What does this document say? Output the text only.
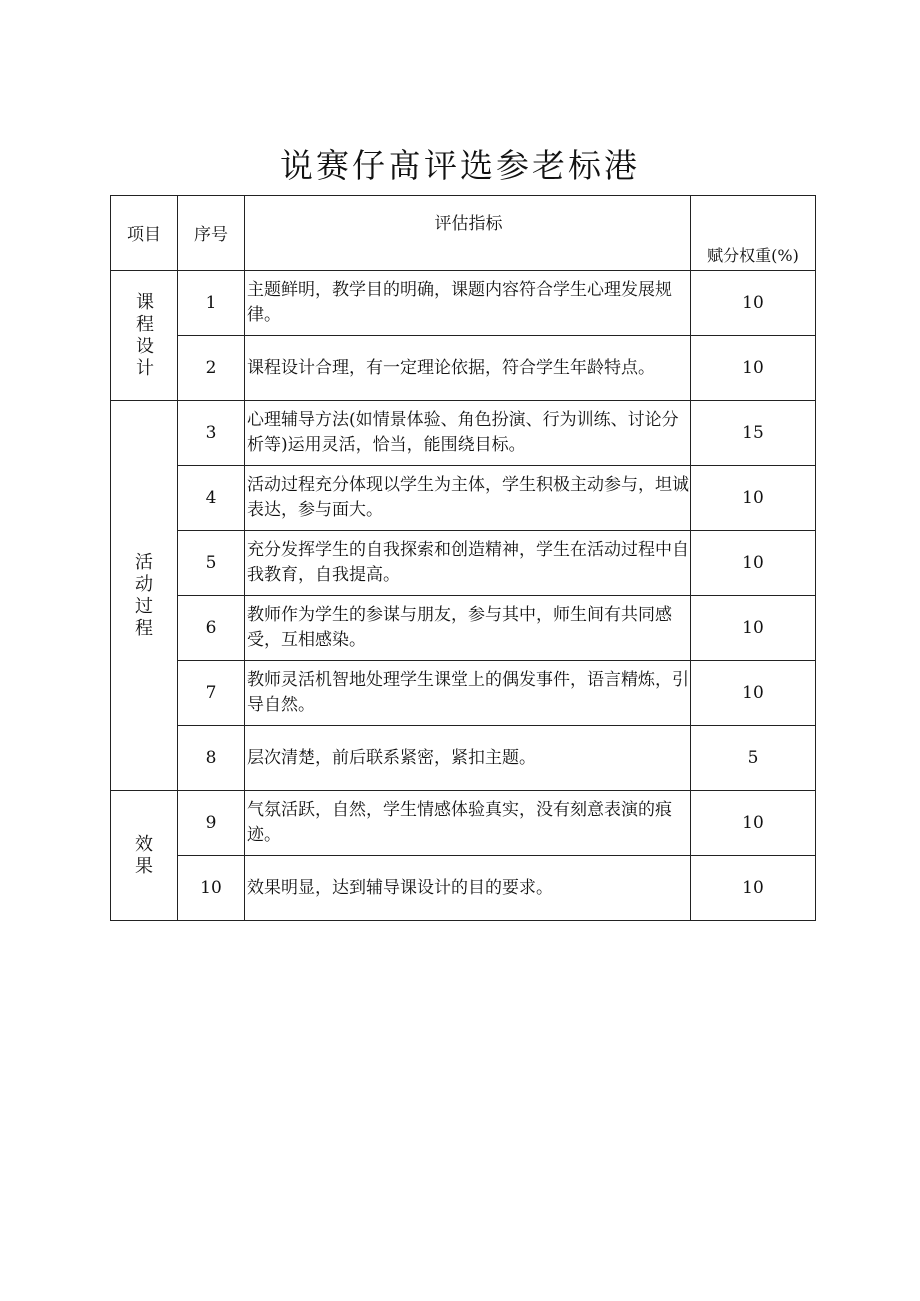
说赛仔髙评选参老标港
项目	序号	评估指标	赋分权重(%)
课程设计	1	主题鲜明，教学目的明确，课题内容符合学生心理发展规律。	10
	2	课程设计合理，有一定理论依据，符合学生年龄特点。	10
活动过程	3	心理辅导方法(如情景体验、角色扮演、行为训练、讨论分析等)运用灵活，恰当，能围绕目标。	15
	4	活动过程充分体现以学生为主体，学生积极主动参与，坦诚表达，参与面大。	10
	5	充分发挥学生的自我探索和创造精神，学生在活动过程中自我教育，自我提高。	10
	6	教师作为学生的参谋与朋友，参与其中，师生间有共同感受，互相感染。	10
	7	教师灵活机智地处理学生课堂上的偶发事件，语言精炼，引导自然。	10
	8	层次清楚，前后联系紧密，紧扣主题。	5
效果	9	气氛活跃，自然，学生情感体验真实，没有刻意表演的痕迹。	10
	10	效果明显，达到辅导课设计的目的要求。	10
